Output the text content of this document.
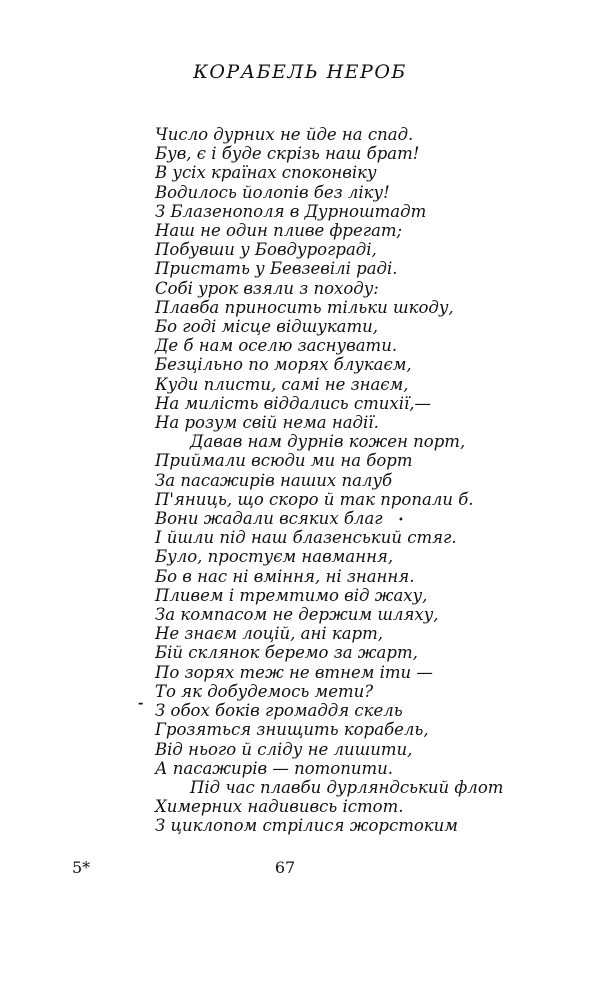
КОРАБЕЛЬ НЕРОБ
Число дурних не йде на спад.
Був, є і буде скрізь наш брат!
В усіх країнах споконвіку
Водилось йолопів без ліку!
З Блазенополя в Дурноштадт
Наш не один пливе фрегат;
Побувши у Бовдурограді,
Пристать у Бевзевілі раді.
Собі урок взяли з походу:
Плавба приносить тільки шкоду,
Бо годі місце відшукати,
Де б нам оселю заснувати.
Безцільно по морях блукаєм,
Куди плисти, самі не знаєм,
На милість віддались стихії,—
На розум свій нема надії.
Давав нам дурнів кожен порт,
Приймали всюди ми на борт
За пасажирів наших палуб
П'яниць, що скоро й так пропали б.
Вони жадали всяких благ
І йшли під наш блазенський стяг.
Було, простуєм навмання,
Бо в нас ні вміння, ні знання.
Пливем і тремтимо від жаху,
За компасом не держим шляху,
Не знаєм лоцій, ані карт,
Бій склянок беремо за жарт,
По зорях теж не втнем іти —
То як добудемось мети?
З обох боків громаддя скель
Грозяться знищить корабель,
Від нього й сліду не лишити,
А пасажирів — потопити.
Під час плавби дурляндський флот
Химерних надививсь істот.
З циклопом стрілися жорстоким
•
-
5*	67
